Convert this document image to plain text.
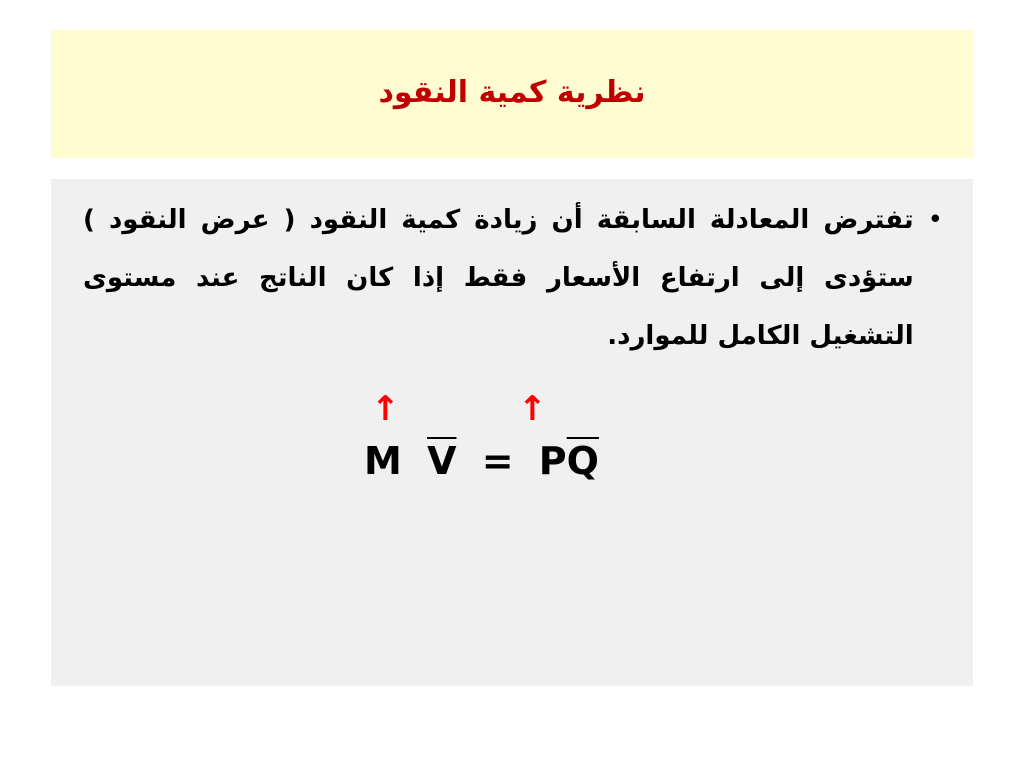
نظرية كمية النقود
•
تفترض المعادلة السابقة أن زيادة كمية النقود ( عرض النقود ) ستؤدى إلى ارتفاع الأسعار فقط إذا كان الناتج عند مستوى التشغيل الكامل للموارد.
↑	↑
M $\overline{V} = P\overline{Q}$
